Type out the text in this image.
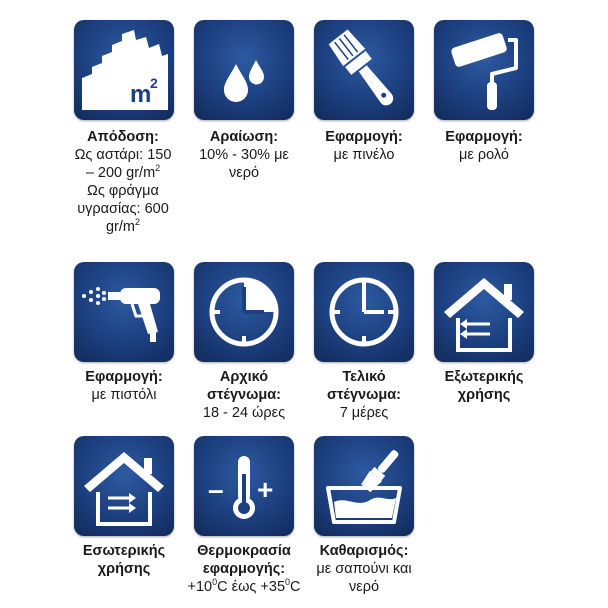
m
2
Απόδοση:
Ως αστάρι: 150
– 200 $gr/m^2$
Ως φράγμα
υγρασίας: 600
$gr/m^2$
Αραίωση:
10% - 30% με
νερό
Εφαρμογή:
με πινέλο
Εφαρμογή:
με ρολό
Εφαρμογή:
με πιστόλι
Αρχικό
στέγνωμα:
18 - 24 ώρες
Τελικό
στέγνωμα:
7 μέρες
Εξωτερικής
χρήσης
Εσωτερικής
χρήσης
– +
Θερμοκρασία
εφαρμογής:
$+10^0C$ $έ\omega\varsigma +35^0C$
Καθαρισμός:
με σαπούνι και
νερό
